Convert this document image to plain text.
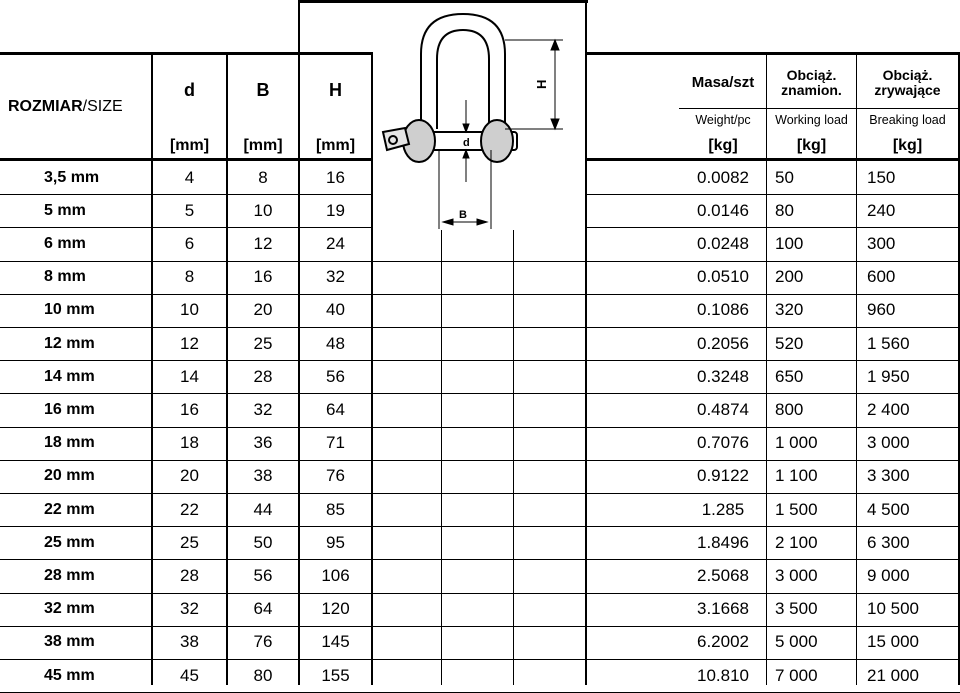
ROZMIAR /SIZE
d	B	H
[mm]	[mm]	[mm]
Masa/szt
Weight/pc
[kg]
Obciąż.
znamion.
Working load
[kg]
Obciąż.
zrywające
Breaking load
[kg]
3,5 mm	4	8	16	0.0082	50	150
5 mm	5	10	19	0.0146	80	240
6 mm	6	12	24	0.0248	100	300
8 mm	8	16	32	0.0510	200	600
10 mm	10	20	40	0.1086	320	960
12 mm	12	25	48	0.2056	520	1 560
14 mm	14	28	56	0.3248	650	1 950
16 mm	16	32	64	0.4874	800	2 400
18 mm	18	36	71	0.7076	1 000	3 000
20 mm	20	38	76	0.9122	1 100	3 300
22 mm	22	44	85	1.285	1 500	4 500
25 mm	25	50	95	1.8496	2 100	6 300
28 mm	28	56	106	2.5068	3 000	9 000
32 mm	32	64	120	3.1668	3 500	10 500
38 mm	38	76	145	6.2002	5 000	15 000
45 mm	45	80	155	10.810	7 000	21 000
H
d
B
